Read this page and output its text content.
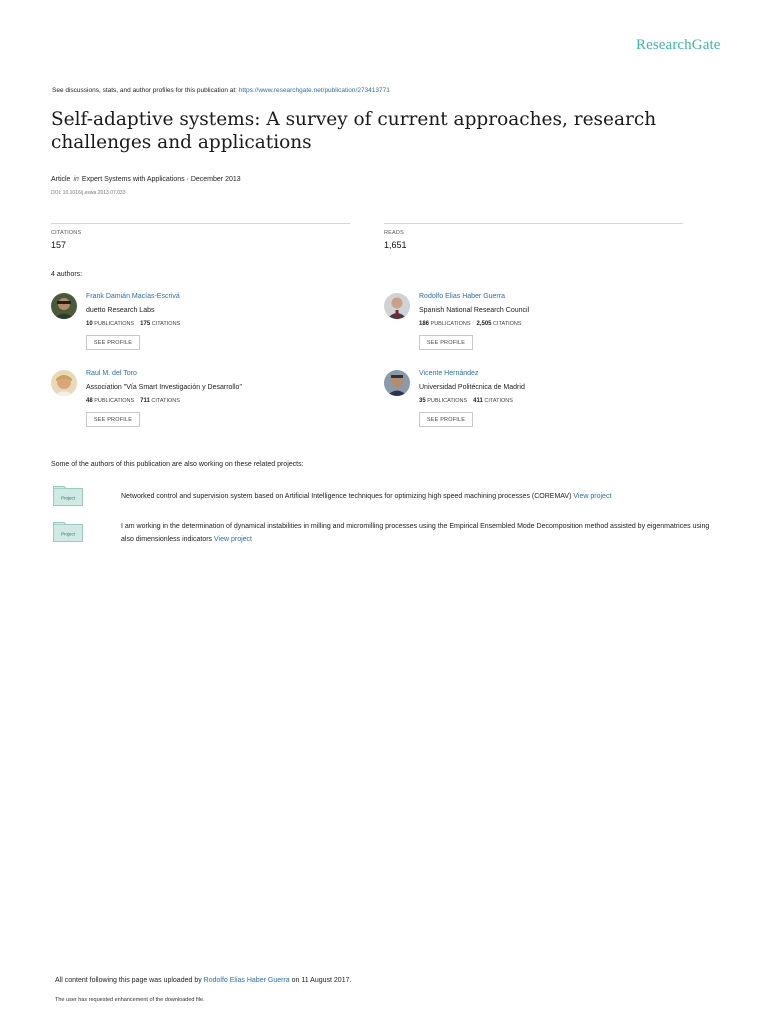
ResearchGate
See discussions, stats, and author profiles for this publication at: https://www.researchgate.net/publication/273413771
Self-adaptive systems: A survey of current approaches, research challenges and applications
Article in Expert Systems with Applications · December 2013
DOI: 10.1016/j.eswa.2013.07.033
CITATIONS
157
READS
1,651
4 authors:
Frank Damián Macías-Escrivá
duetto Research Labs
10 PUBLICATIONS 175 CITATIONS
SEE PROFILE
Rodolfo Elias Haber Guerra
Spanish National Research Council
186 PUBLICATIONS 2,505 CITATIONS
SEE PROFILE
Raul M. del Toro
Association "Vía Smart Investigación y Desarrollo"
48 PUBLICATIONS 711 CITATIONS
SEE PROFILE
Vicente Hernández
Universidad Politécnica de Madrid
35 PUBLICATIONS 411 CITATIONS
SEE PROFILE
Some of the authors of this publication are also working on these related projects:
Project	Networked control and supervision system based on Artificial Intelligence techniques for optimizing high speed machining processes (COREMAV) View project
Project
I am working in the determination of dynamical instabilities in milling and micromilling processes using the Empirical Ensembled Mode Decomposition method assisted by eigenmatrices using also dimensionless indicators View project
All content following this page was uploaded by Rodolfo Elias Haber Guerra on 11 August 2017.
The user has requested enhancement of the downloaded file.
